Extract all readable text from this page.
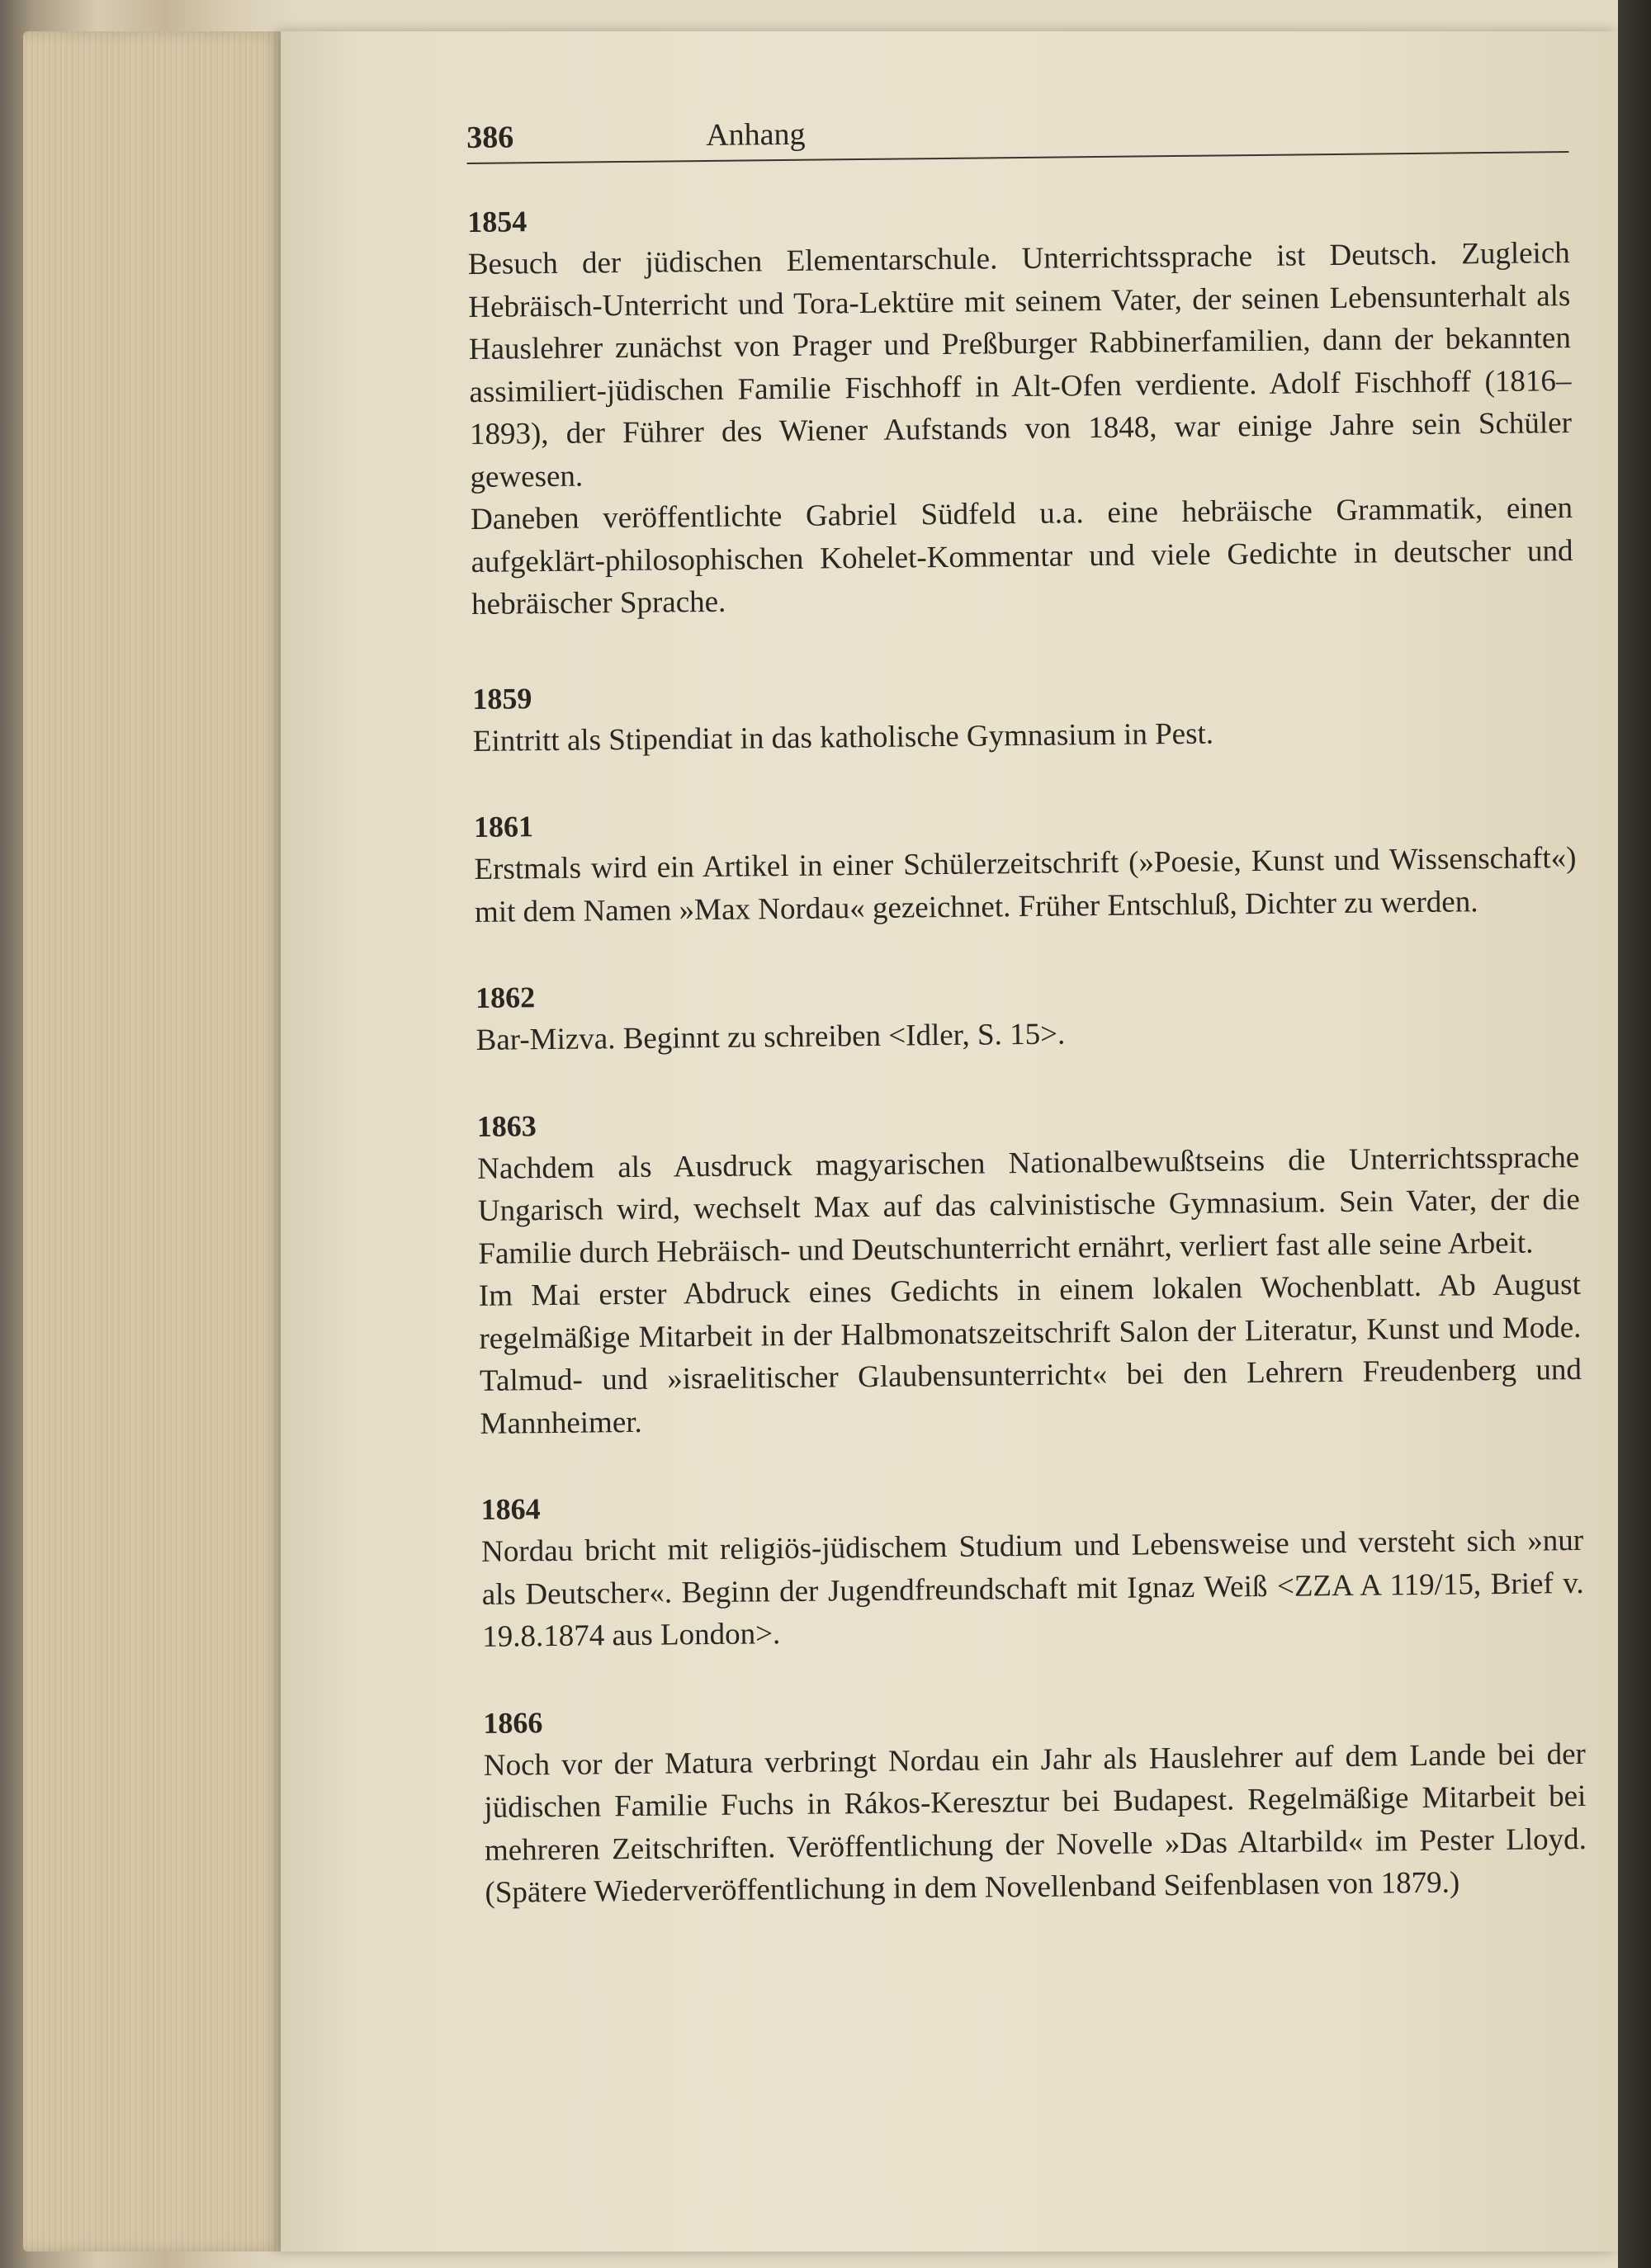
386	Anhang
1854

Besuch der jüdischen Elementarschule. Unterrichtssprache ist Deutsch. Zugleich Hebräisch-Unterricht und Tora-Lektüre mit seinem Vater, der seinen Lebensunterhalt als Hauslehrer zunächst von Prager und Preßburger Rabbinerfamilien, dann der bekannten assimiliert-jüdischen Familie Fischhoff in Alt-Ofen verdiente. Adolf Fischhoff (1816–1893), der Führer des Wiener Aufstands von 1848, war einige Jahre sein Schüler gewesen.

Daneben veröffentlichte Gabriel Südfeld u.a. eine hebräische Grammatik, einen aufgeklärt-philosophischen Kohelet-Kommentar und viele Gedichte in deutscher und hebräischer Sprache.

1859

Eintritt als Stipendiat in das katholische Gymnasium in Pest.

1861

Erstmals wird ein Artikel in einer Schülerzeitschrift (»Poesie, Kunst und Wissenschaft«) mit dem Namen »Max Nordau« gezeichnet. Früher Entschluß, Dichter zu werden.

1862

Bar-Mizva. Beginnt zu schreiben <Idler, S. 15>.

1863

Nachdem als Ausdruck magyarischen Nationalbewußtseins die Unterrichtssprache Ungarisch wird, wechselt Max auf das calvinistische Gymnasium. Sein Vater, der die Familie durch Hebräisch- und Deutschunterricht ernährt, verliert fast alle seine Arbeit.

Im Mai erster Abdruck eines Gedichts in einem lokalen Wochenblatt. Ab August regelmäßige Mitarbeit in der Halbmonatszeitschrift Salon der Literatur, Kunst und Mode. Talmud- und »israelitischer Glaubensunterricht« bei den Lehrern Freudenberg und Mannheimer.

1864

Nordau bricht mit religiös-jüdischem Studium und Lebensweise und versteht sich »nur als Deutscher«. Beginn der Jugendfreundschaft mit Ignaz Weiß <ZZA A 119/15, Brief v. 19.8.1874 aus London>.

1866

Noch vor der Matura verbringt Nordau ein Jahr als Hauslehrer auf dem Lande bei der jüdischen Familie Fuchs in Rákos-Keresztur bei Budapest. Regelmäßige Mitarbeit bei mehreren Zeitschriften. Veröffentlichung der Novelle »Das Altarbild« im Pester Lloyd. (Spätere Wiederveröffentlichung in dem Novellenband Seifenblasen von 1879.)
